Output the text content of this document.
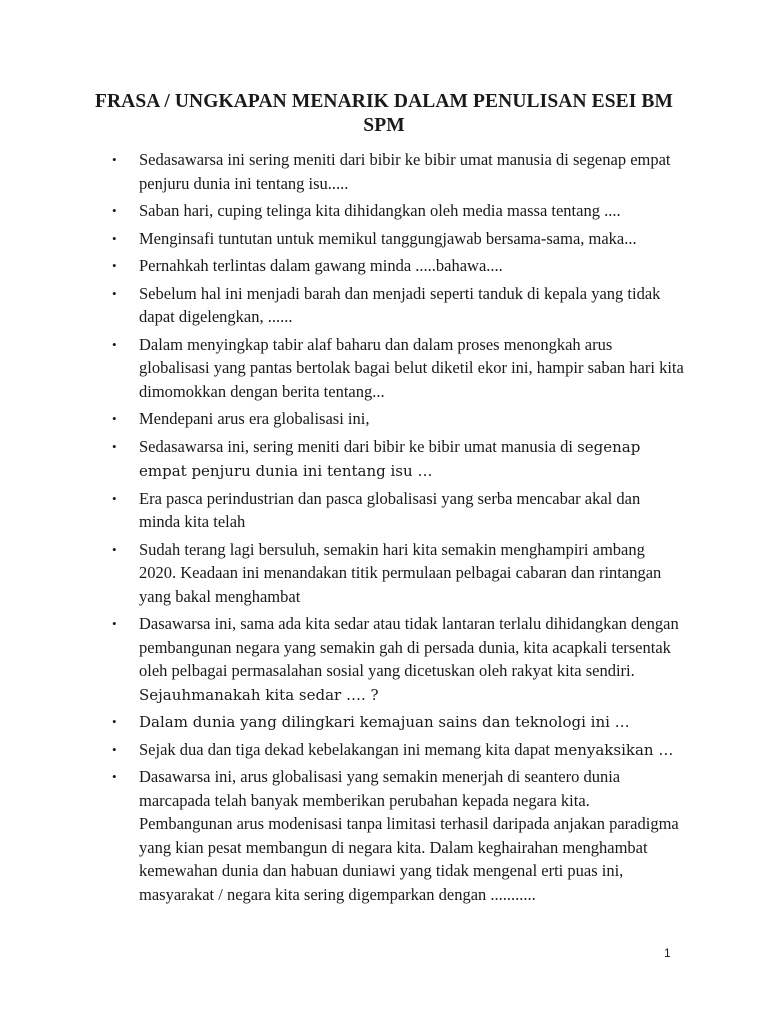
FRASA / UNGKAPAN MENARIK DALAM PENULISAN ESEI BM SPM
• Sedasawarsa ini sering meniti dari bibir ke bibir umat manusia di segenap empat penjuru dunia ini tentang isu.....
• Saban hari, cuping telinga kita dihidangkan oleh media massa tentang ....
• Menginsafi tuntutan untuk memikul tanggungjawab bersama-sama, maka...
• Pernahkah terlintas dalam gawang minda .....bahawa....
• Sebelum hal ini menjadi barah dan menjadi seperti tanduk di kepala yang tidak dapat digelengkan, ......
• Dalam menyingkap tabir alaf baharu dan dalam proses menongkah arus globalisasi yang pantas bertolak bagai belut diketil ekor ini, hampir saban hari kita dimomokkan dengan berita tentang...
• Mendepani arus era globalisasi ini,
• Sedasawarsa ini, sering meniti dari bibir ke bibir umat manusia di segenap empat penjuru dunia ini tentang isu …
• Era pasca perindustrian dan pasca globalisasi yang serba mencabar akal dan minda kita telah
• Sudah terang lagi bersuluh, semakin hari kita semakin menghampiri ambang 2020. Keadaan ini menandakan titik permulaan pelbagai cabaran dan rintangan yang bakal menghambat
• Dasawarsa ini, sama ada kita sedar atau tidak lantaran terlalu dihidangkan dengan pembangunan negara yang semakin gah di persada dunia, kita acapkali tersentak oleh pelbagai permasalahan sosial yang dicetuskan oleh rakyat kita sendiri. Sejauhmanakah kita sedar …. ?
• Dalam dunia yang dilingkari kemajuan sains dan teknologi ini …
• Sejak dua dan tiga dekad kebelakangan ini memang kita dapat menyaksikan …
• Dasawarsa ini, arus globalisasi yang semakin menerjah di seantero dunia marcapada telah banyak memberikan perubahan kepada negara kita. Pembangunan arus modenisasi tanpa limitasi terhasil daripada anjakan paradigma yang kian pesat membangun di negara kita. Dalam keghairahan menghambat kemewahan dunia dan habuan duniawi yang tidak mengenal erti puas ini, masyarakat / negara kita sering digemparkan dengan ...........
1
